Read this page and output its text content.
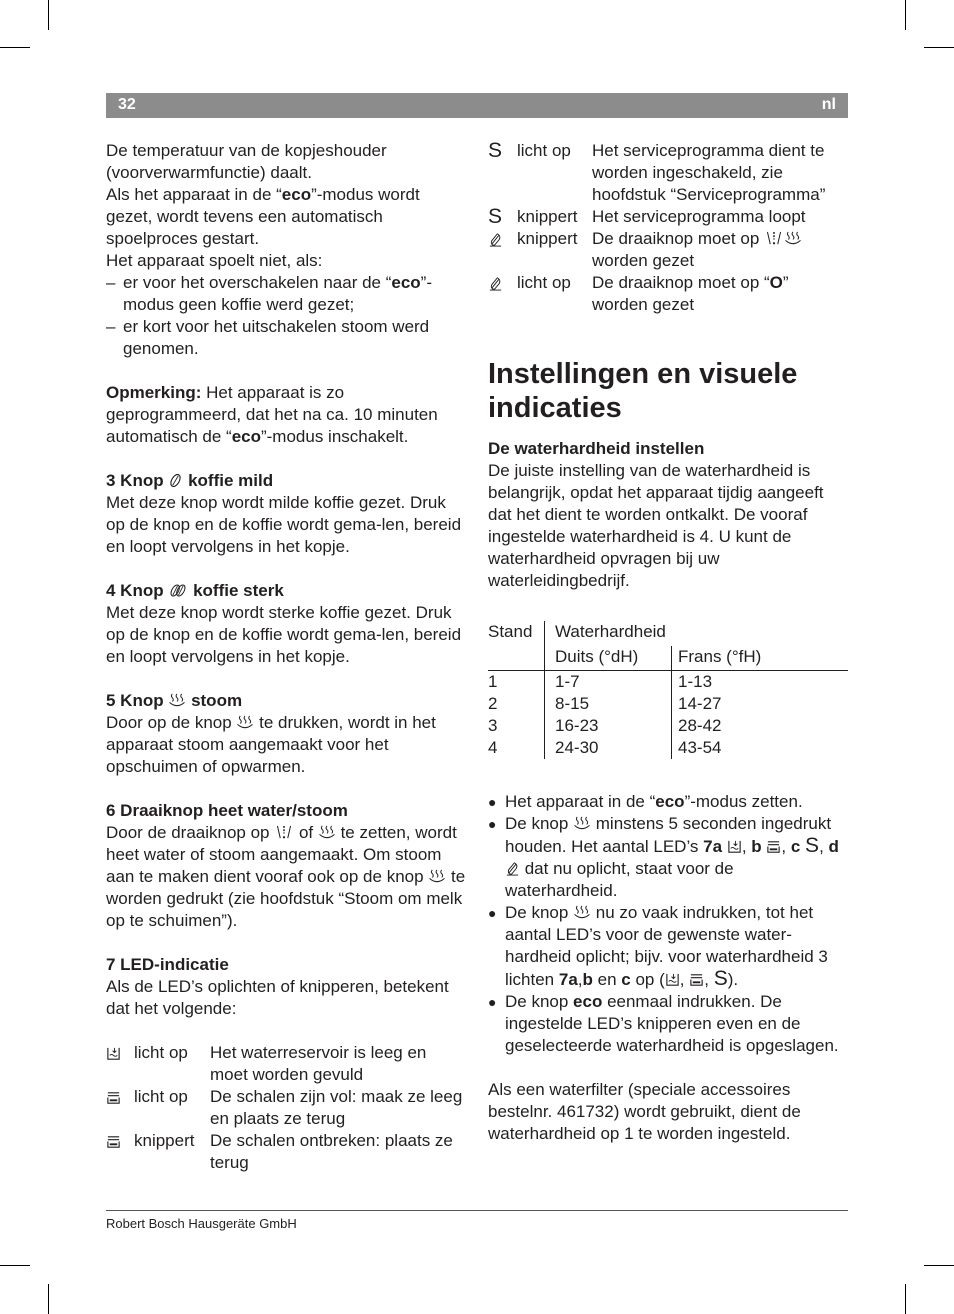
32	nl

De temperatuur van de kopjeshouder (voorverwarmfunctie) daalt.

Als het apparaat in de “eco”-modus wordt gezet, wordt tevens een automatisch spoelproces gestart.

Het apparaat spoelt niet, als:

– er voor het overschakelen naar de “eco”-modus geen koffie werd gezet;
– er kort voor het uitschakelen stoom werd genomen.

Opmerking: Het apparaat is zo geprogrammeerd, dat het na ca. 10 minuten automatisch de “eco”-modus inschakelt.

3 Knop
koffie mild

Met deze knop wordt milde koffie gezet. Druk op de knop en de koffie wordt gema-len, bereid en loopt vervolgens in het kopje.

4 Knop
koffie sterk

Met deze knop wordt sterke koffie gezet. Druk op de knop en de koffie wordt gema-len, bereid en loopt vervolgens in het kopje.

5 Knop
stoom

Door op de knop
te drukken, wordt in het apparaat stoom aangemaakt voor het opschuimen of opwarmen.

6 Draaiknop heet water/stoom

Door de draaiknop op
of
te zetten, wordt heet water of stoom aangemaakt. Om stoom aan te maken dient vooraf ook op de knop
te worden gedrukt (zie hoofdstuk “Stoom om melk op te schuimen”).

7 LED-indicatie

Als de LED’s oplichten of knipperen, betekent dat het volgende:

licht op	Het waterreservoir is leeg en moet worden gevuld
licht op	De schalen zijn vol: maak ze leeg en plaats ze terug
knippert De schalen ontbreken: plaats ze terug
S licht op	Het serviceprogramma dient te worden ingeschakeld, zie hoofdstuk “Serviceprogramma”
S knippert Het serviceprogramma loopt
knippert De draaiknop moet op
worden gezet
licht op	De draaiknop moet op “O” worden gezet

Instellingen en visuele indicaties

De waterhardheid instellen

De juiste instelling van de waterhardheid is belangrijk, opdat het apparaat tijdig aangeeft dat het dient te worden ontkalkt. De vooraf ingestelde waterhardheid is 4. U kunt de waterhardheid opvragen bij uw waterleidingbedrijf.

Stand	Waterhardheid	
	Duits (°dH)	Frans (°fH)
1	1-7	1-13
2	8-15	14-27
3	16-23	28-42
4	24-30	43-54
● Het apparaat in de “eco”-modus zetten.
● De knop
minstens 5 seconden ingedrukt houden. Het aantal LED’s 7a , b , c S, d
dat nu oplicht, staat voor de waterhardheid.
● De knop
nu zo vaak indrukken, tot het aantal LED’s voor de gewenste water-hardheid oplicht; bijv. voor waterhardheid 3 lichten 7a,b en c op ( ,
, S).
● De knop eco eenmaal indrukken. De ingestelde LED’s knipperen even en de geselecteerde waterhardheid is opgeslagen.

Als een waterfilter (speciale accessoires bestelnr. 461732) wordt gebruikt, dient de waterhardheid op 1 te worden ingesteld.

Robert Bosch Hausgeräte GmbH
